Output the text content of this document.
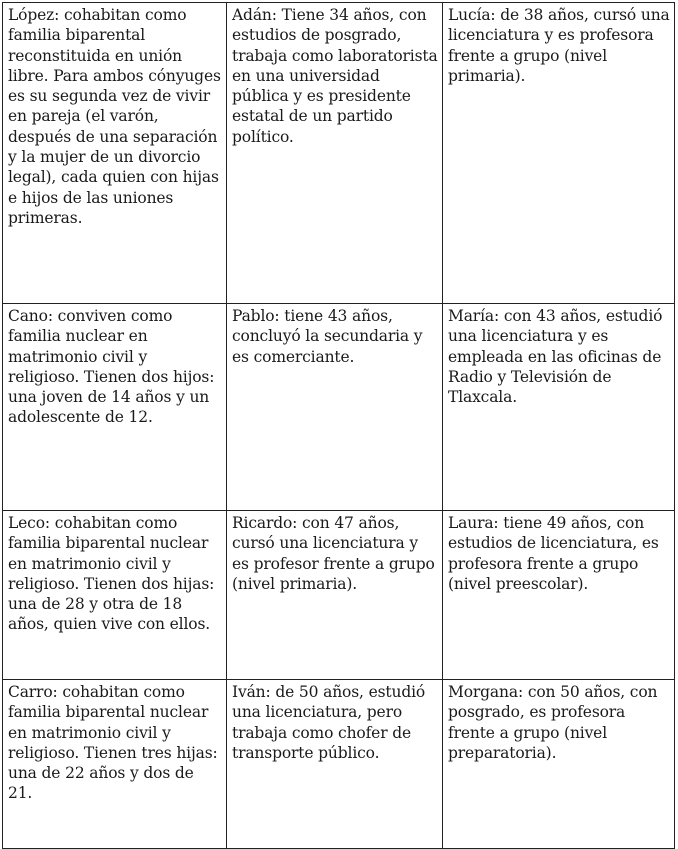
López: cohabitan como familia biparental reconstituida en unión libre. Para ambos cónyuges es su segunda vez de vivir en pareja (el varón, después de una separación y la mujer de un divorcio legal), cada quien con hijas e hijos de las uniones primeras.	Adán: Tiene 34 años, con estudios de posgrado, trabaja como laboratorista en una universidad pública y es presidente estatal de un partido político.	Lucía: de 38 años, cursó una licenciatura y es profesora frente a grupo (nivel primaria).
Cano: conviven como familia nuclear en matrimonio civil y religioso. Tienen dos hijos: una joven de 14 años y un adolescente de 12.	Pablo: tiene 43 años, concluyó la secundaria y es comerciante.	María: con 43 años, estudió una licenciatura y es empleada en las oficinas de Radio y Televisión de Tlaxcala.
Leco: cohabitan como familia biparental nuclear en matrimonio civil y religioso. Tienen dos hijas: una de 28 y otra de 18 años, quien vive con ellos.	Ricardo: con 47 años, cursó una licenciatura y es profesor frente a grupo (nivel primaria).	Laura: tiene 49 años, con estudios de licenciatura, es profesora frente a grupo (nivel preescolar).
Carro: cohabitan como familia biparental nuclear en matrimonio civil y religioso. Tienen tres hijas: una de 22 años y dos de 21.	Iván: de 50 años, estudió una licenciatura, pero trabaja como chofer de transporte público.	Morgana: con 50 años, con posgrado, es profesora frente a grupo (nivel preparatoria).
